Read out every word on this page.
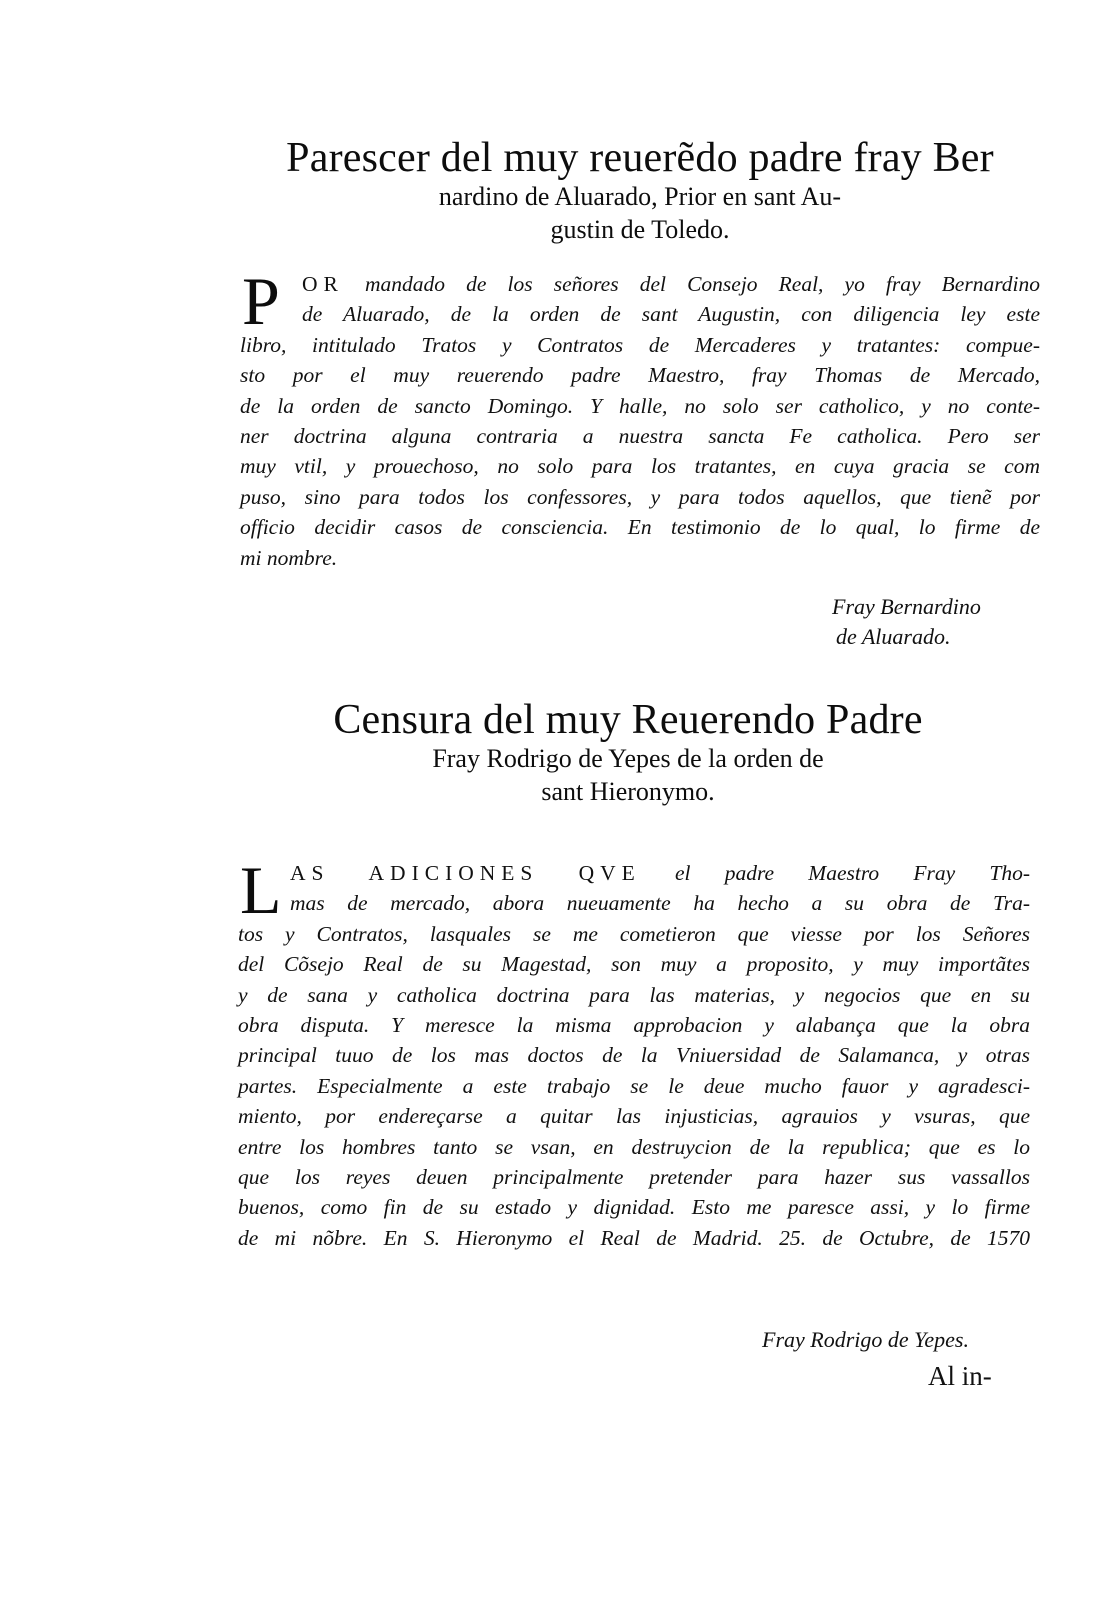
Parescer del muy reuerẽdo padre fray Ber
nardino de Aluarado, Prior en sant Au-
gustin de Toledo.
P	OR mandado de los señores del Consejo Real, yo fray Bernardino
de Aluarado, de la orden de sant Augustin, con diligencia ley este
libro, intitulado Tratos y Contratos de Mercaderes y tratantes: compue-
sto por el muy reuerendo padre Maestro, fray Thomas de Mercado,
de la orden de sancto Domingo. Y halle, no solo ser catholico, y no conte-
ner doctrina alguna contraria a nuestra sancta Fe catholica. Pero ser
muy vtil, y prouechoso, no solo para los tratantes, en cuya gracia se com
puso, sino para todos los confessores, y para todos aquellos, que tienẽ por
officio decidir casos de consciencia. En testimonio de lo qual, lo firme de
mi nombre.
Fray Bernardino
de Aluarado.
Censura del muy Reuerendo Padre
Fray Rodrigo de Yepes de la orden de
sant Hieronymo.
L AS ADICIONES QVE el padre Maestro Fray Tho-
mas de mercado, abora nueuamente ha hecho a su obra de Tra-
tos y Contratos, lasquales se me cometieron que viesse por los Señores
del Cõsejo Real de su Magestad, son muy a proposito, y muy importãtes
y de sana y catholica doctrina para las materias, y negocios que en su
obra disputa. Y meresce la misma approbacion y alabança que la obra
principal tuuo de los mas doctos de la Vniuersidad de Salamanca, y otras
partes. Especialmente a este trabajo se le deue mucho fauor y agradesci-
miento, por endereçarse a quitar las injusticias, agrauios y vsuras, que
entre los hombres tanto se vsan, en destruycion de la republica; que es lo
que los reyes deuen principalmente pretender para hazer sus vassallos
buenos, como fin de su estado y dignidad. Esto me paresce assi, y lo firme
de mi nõbre. En S. Hieronymo el Real de Madrid. 25. de Octubre, de 1570
Fray Rodrigo de Yepes.
Al in-
